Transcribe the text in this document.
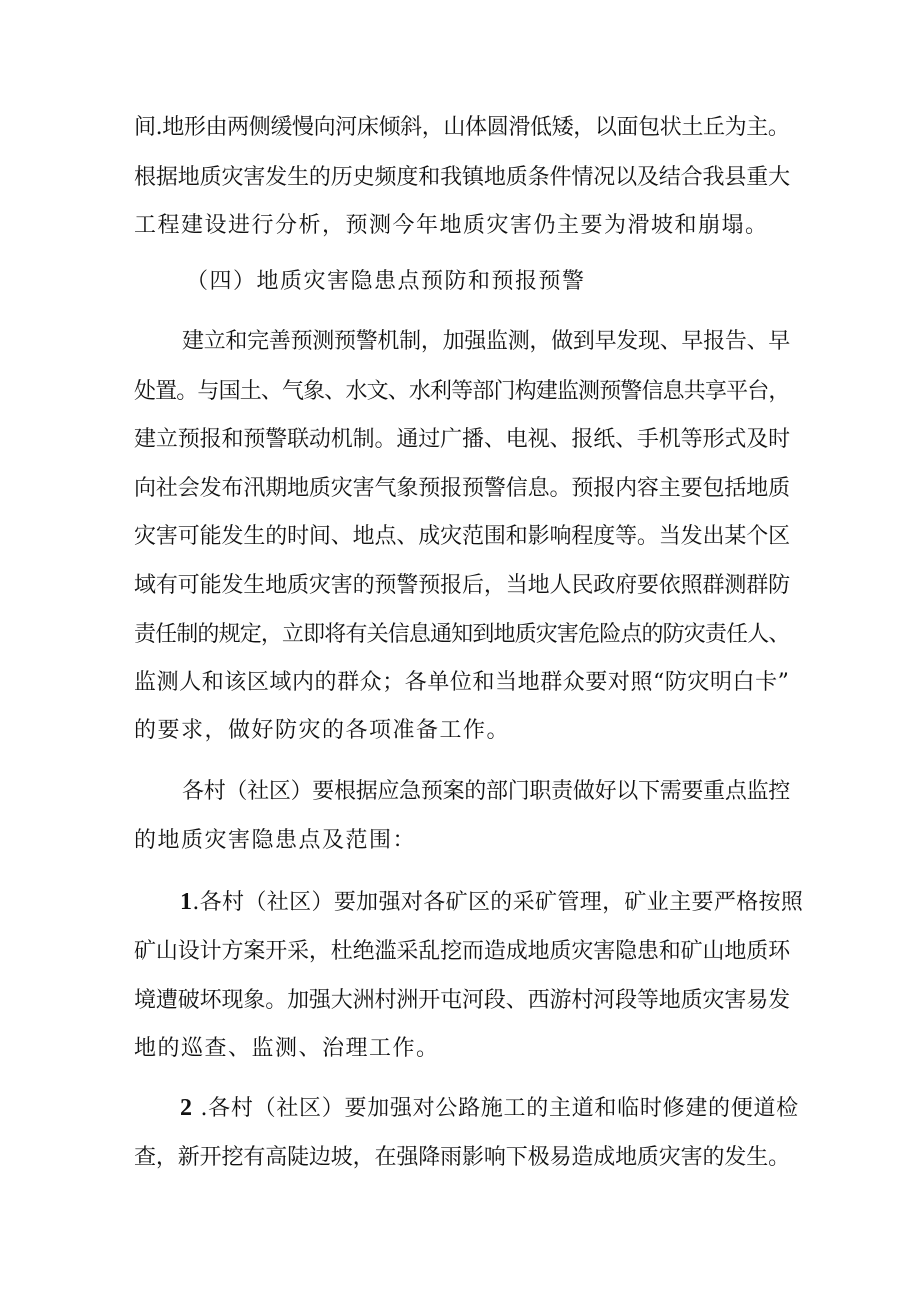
间.地形由两侧缓慢向河床倾斜，山体圆滑低矮，以面包状土丘为主。
根据地质灾害发生的历史频度和我镇地质条件情况以及结合我县重大
工程建设进行分析，预测今年地质灾害仍主要为滑坡和崩塌。
（四）地质灾害隐患点预防和预报预警
建立和完善预测预警机制，加强监测，做到早发现、早报告、早
处置。与国土、气象、水文、水利等部门构建监测预警信息共享平台，
建立预报和预警联动机制。通过广播、电视、报纸、手机等形式及时
向社会发布汛期地质灾害气象预报预警信息。预报内容主要包括地质
灾害可能发生的时间、地点、成灾范围和影响程度等。当发出某个区
域有可能发生地质灾害的预警预报后，当地人民政府要依照群测群防
责任制的规定，立即将有关信息通知到地质灾害危险点的防灾责任人、
监测人和该区域内的群众；各单位和当地群众要对照“防灾明白卡”
的要求，做好防灾的各项准备工作。
各村（社区）要根据应急预案的部门职责做好以下需要重点监控
的地质灾害隐患点及范围：
1.各村（社区）要加强对各矿区的采矿管理，矿业主要严格按照
矿山设计方案开采，杜绝滥采乱挖而造成地质灾害隐患和矿山地质环
境遭破坏现象。加强大洲村洲开屯河段、西游村河段等地质灾害易发
地的巡查、监测、治理工作。
2 .各村（社区）要加强对公路施工的主道和临时修建的便道检
查，新开挖有高陡边坡，在强降雨影响下极易造成地质灾害的发生。
